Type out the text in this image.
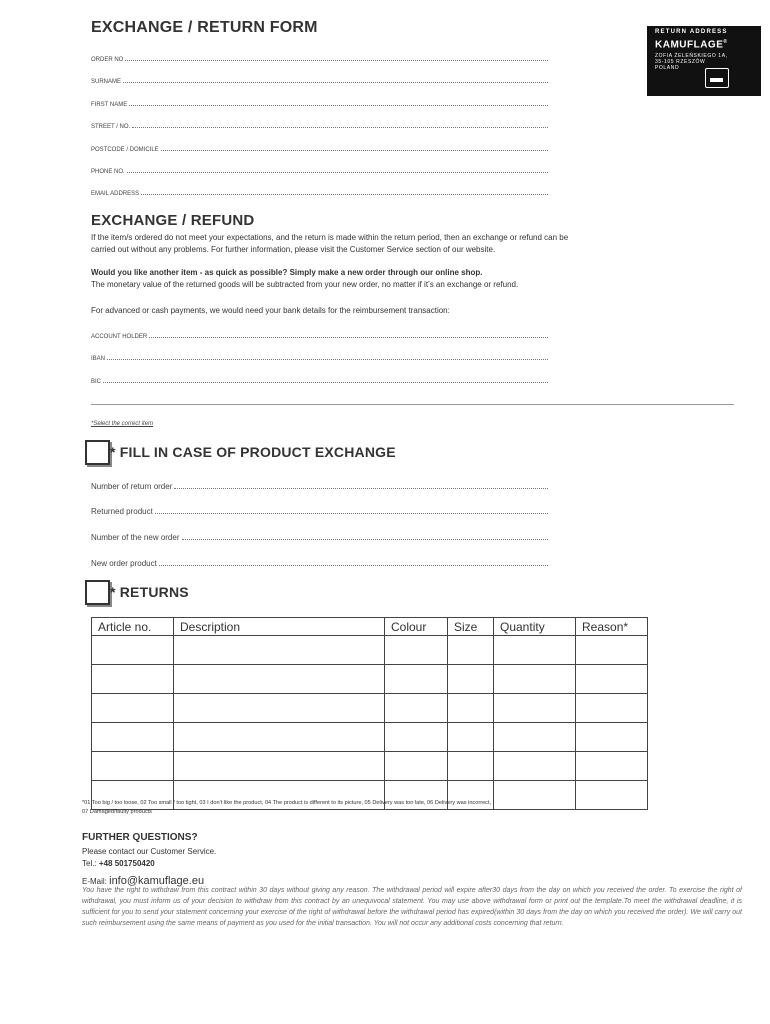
EXCHANGE / RETURN FORM	RETURN ADDRESS
KAMUFLAGE®
ZOFIA ŻELEŃSKIEGO 1A,
35-105 RZESZÓW
POLAND
ORDER NO
SURNAME
FIRST NAME
STREET / NO.
POSTCODE / DOMICILE
PHONE NO.
EMAIL ADDRESS
EXCHANGE / REFUND
If the item/s ordered do not meet your expectations, and the return is made within the return period, then an exchange or refund can be
carried out without any problems. For further information, please visit the Customer Service section of our website.
Would you like another item - as quick as possible? Simply make a new order through our online shop.
The monetary value of the returned goods will be subtracted from your new order, no matter if it’s an exchange or refund.
For advanced or cash payments, we would need your bank details for the reimbursement transaction:
ACCOUNT HOLDER
IBAN
BIC
*Select the correct item
* FILL IN CASE OF PRODUCT EXCHANGE
Number of return order
Returned product
Number of the new order
New order product
* RETURNS
Article no.	Description	Colour	Size	Quantity	Reason*

*01 Too big / too loose, 02 Too small / too tight, 03 I don’t like the product, 04 The product is different to its picture, 05 Delivery was too late, 06 Delivery was incorrect,
07 Damaged/faulty products
FURTHER QUESTIONS?
Please contact our Customer Service.
Tel.: +48 501750420
E-Mail: info@kamuflage.eu
You have the right to withdraw from this contract within 30 days without giving any reason. The withdrawal period will expire after30 days from the day on which you received the order. To exercise the right of withdrawal, you must inform us of your decision to withdraw from this contract by an unequivocal statement. You may use above withdrawal form or print out the template.To meet the withdrawal deadline, it is sufficient for you to send your statement concerning your exercise of the right of withdrawal before the withdrawal period has expired(within 30 days from the day on which you received the order). We will carry out such reimbursement using the same means of payment as you used for the initial transaction. You will not occur any additional costs concerning that return.
